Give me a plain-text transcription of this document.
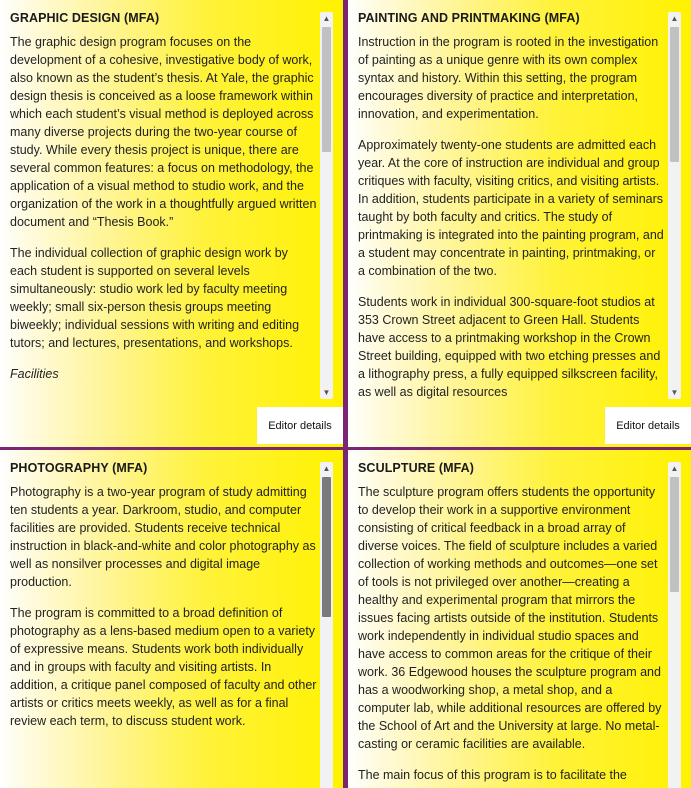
GRAPHIC DESIGN (MFA)

The graphic design program focuses on the development of a cohesive, investigative body of work, also known as the student’s thesis. At Yale, the graphic design thesis is conceived as a loose framework within which each student’s visual method is deployed across many diverse projects during the two-year course of study. While every thesis project is unique, there are several common features: a focus on methodology, the application of a visual method to studio work, and the organization of the work in a thoughtfully argued written document and “Thesis Book.”

The individual collection of graphic design work by each student is supported on several levels simultaneously: studio work led by faculty meeting weekly; small six-person thesis groups meeting biweekly; individual sessions with writing and editing tutors; and lectures, presentations, and workshops.

Facilities

▲
▼
Editor details
PAINTING AND PRINTMAKING (MFA)

Instruction in the program is rooted in the investigation of painting as a unique genre with its own complex syntax and history. Within this setting, the program encourages diversity of practice and interpretation, innovation, and experimentation.

Approximately twenty-one students are admitted each year. At the core of instruction are individual and group critiques with faculty, visiting critics, and visiting artists. In addition, students participate in a variety of seminars taught by both faculty and critics. The study of printmaking is integrated into the painting program, and a student may concentrate in painting, printmaking, or a combination of the two.

Students work in individual 300-square-foot studios at 353 Crown Street adjacent to Green Hall. Students have access to a printmaking workshop in the Crown Street building, equipped with two etching presses and a lithography press, a fully equipped silkscreen facility, as well as digital resources

▲
▼
Editor details
PHOTOGRAPHY (MFA)

Photography is a two-year program of study admitting ten students a year. Darkroom, studio, and computer facilities are provided. Students receive technical instruction in black-and-white and color photography as well as nonsilver processes and digital image production.

The program is committed to a broad definition of photography as a lens-based medium open to a variety of expressive means. Students work both individually and in groups with faculty and visiting artists. In addition, a critique panel composed of faculty and other artists or critics meets weekly, as well as for a final review each term, to discuss student work.

▲ SCULPTURE (MFA)

The sculpture program offers students the opportunity to develop their work in a supportive environment consisting of critical feedback in a broad array of diverse voices. The field of sculpture includes a varied collection of working methods and outcomes—one set of tools is not privileged over another—creating a healthy and experimental program that mirrors the issues facing artists outside of the institution. Students work independently in individual studio spaces and have access to common areas for the critique of their work. 36 Edgewood houses the sculpture program and has a woodworking shop, a metal shop, and a computer lab, while additional resources are offered by the School of Art and the University at large. No metal-casting or ceramic facilities are available.

The main focus of this program is to facilitate the

▲
